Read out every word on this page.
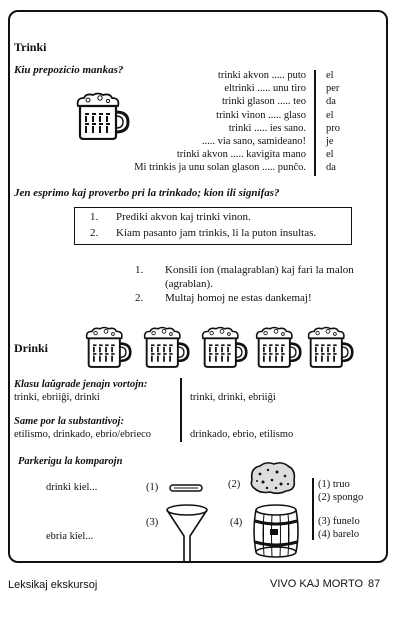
Trinki
Kiu prepozicio mankas?	trinki akvon ..... puto el
eltrinki ..... unu tiro per
trinki glason ..... teo da
trinki vinon ..... glaso el
trinki ..... ies sano. pro
..... via sano, samideano! je
trinki akvon ..... kavigita mano el
Mi trinkis ja unu solan glason ..... punĉo. da
Jen esprimo kaj proverbo pri la trinkado; kion ili signifas?
1. Prediki akvon kaj trinki vinon.
2. Kiam pasanto jam trinkis, li la puton insultas.
1. Konsili ion (malagrablan) kaj fari la malon
(agrablan).
2. Multaj homoj ne estas dankemaj!
Drinki
Klasu laŭgrade jenajn vortojn:
trinki, ebriiĝi, drinki	trinki, drinki, ebriiĝi
Same por la substantivoj:
etilismo, drinkado, ebrio/ebrieco	drinkado, ebrio, etilismo
Parkerigu la komparojn
drinki kiel...
ebria kiel...
(1)	(2)
(3)	(4)
(1) truo
(2) spongo
(3) funelo
(4) barelo
Leksikaj ekskursoj	VIVO KAJ MORTO 87
